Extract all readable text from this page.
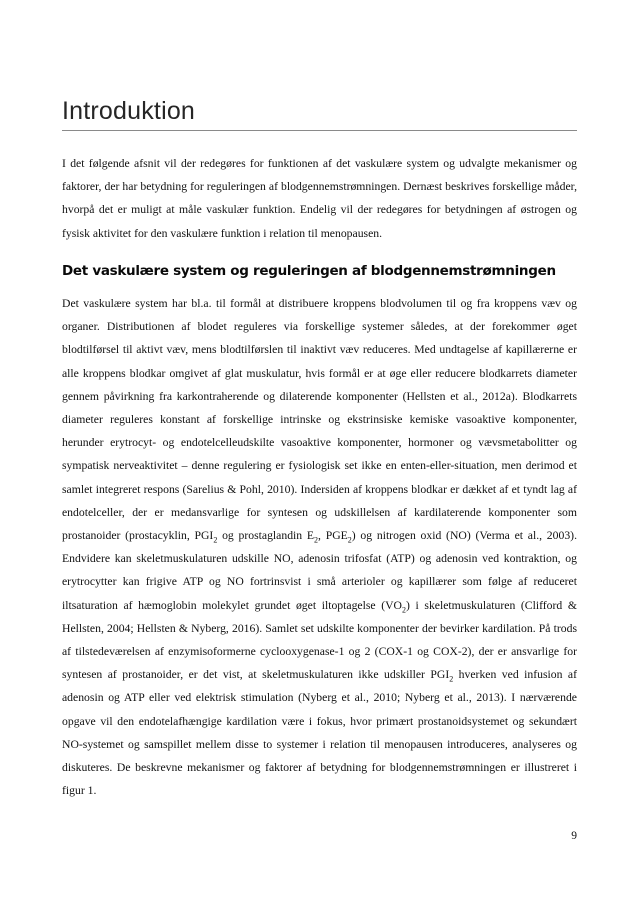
Introduktion

I det følgende afsnit vil der redegøres for funktionen af det vaskulære system og udvalgte mekanismer og faktorer, der har betydning for reguleringen af blodgennemstrømningen. Dernæst beskrives forskellige måder, hvorpå det er muligt at måle vaskulær funktion. Endelig vil der redegøres for betydningen af østrogen og fysisk aktivitet for den vaskulære funktion i relation til menopausen.

Det vaskulære system og reguleringen af blodgennemstrømningen

Det vaskulære system har bl.a. til formål at distribuere kroppens blodvolumen til og fra kroppens væv og organer. Distributionen af blodet reguleres via forskellige systemer således, at der forekommer øget blodtilførsel til aktivt væv, mens blodtilførslen til inaktivt væv reduceres. Med undtagelse af kapillærerne er alle kroppens blodkar omgivet af glat muskulatur, hvis formål er at øge eller reducere blodkarrets diameter gennem påvirkning fra karkontraherende og dilaterende komponenter (Hellsten et al., 2012a). Blodkarrets diameter reguleres konstant af forskellige intrinske og ekstrinsiske kemiske vasoaktive komponenter, herunder erytrocyt- og endotelcelleudskilte vasoaktive komponenter, hormoner og vævsmetabolitter og sympatisk nerveaktivitet – denne regulering er fysiologisk set ikke en enten-eller-situation, men derimod et samlet integreret respons (Sarelius & Pohl, 2010). Indersiden af kroppens blodkar er dækket af et tyndt lag af endotelceller, der er medansvarlige for syntesen og udskillelsen af kardilaterende komponenter som prostanoider (prostacyklin, $PGI_2$ og prostaglandin $E_2$, $PGE_2$) og nitrogen oxid (NO) (Verma et al., 2003). Endvidere kan skeletmuskulaturen udskille NO, adenosin trifosfat (ATP) og adenosin ved kontraktion, og erytrocytter kan frigive ATP og NO fortrinsvist i små arterioler og kapillærer som følge af reduceret iltsaturation af hæmoglobin molekylet grundet øget iltoptagelse $(VO_2)$ i skeletmuskulaturen (Clifford & Hellsten, 2004; Hellsten & Nyberg, 2016). Samlet set udskilte komponenter der bevirker kardilation. På trods af tilstedeværelsen af enzymisoformerne cyclooxygenase-1 og 2 (COX-1 og COX-2), der er ansvarlige for syntesen af prostanoider, er det vist, at skeletmuskulaturen ikke udskiller $PGI_2$ hverken ved infusion af adenosin og ATP eller ved elektrisk stimulation (Nyberg et al., 2010; Nyberg et al., 2013). I nærværende opgave vil den endotelafhængige kardilation være i fokus, hvor primært prostanoidsystemet og sekundært NO-systemet og samspillet mellem disse to systemer i relation til menopausen introduceres, analyseres og diskuteres. De beskrevne mekanismer og faktorer af betydning for blodgennemstrømningen er illustreret i figur 1.

9
